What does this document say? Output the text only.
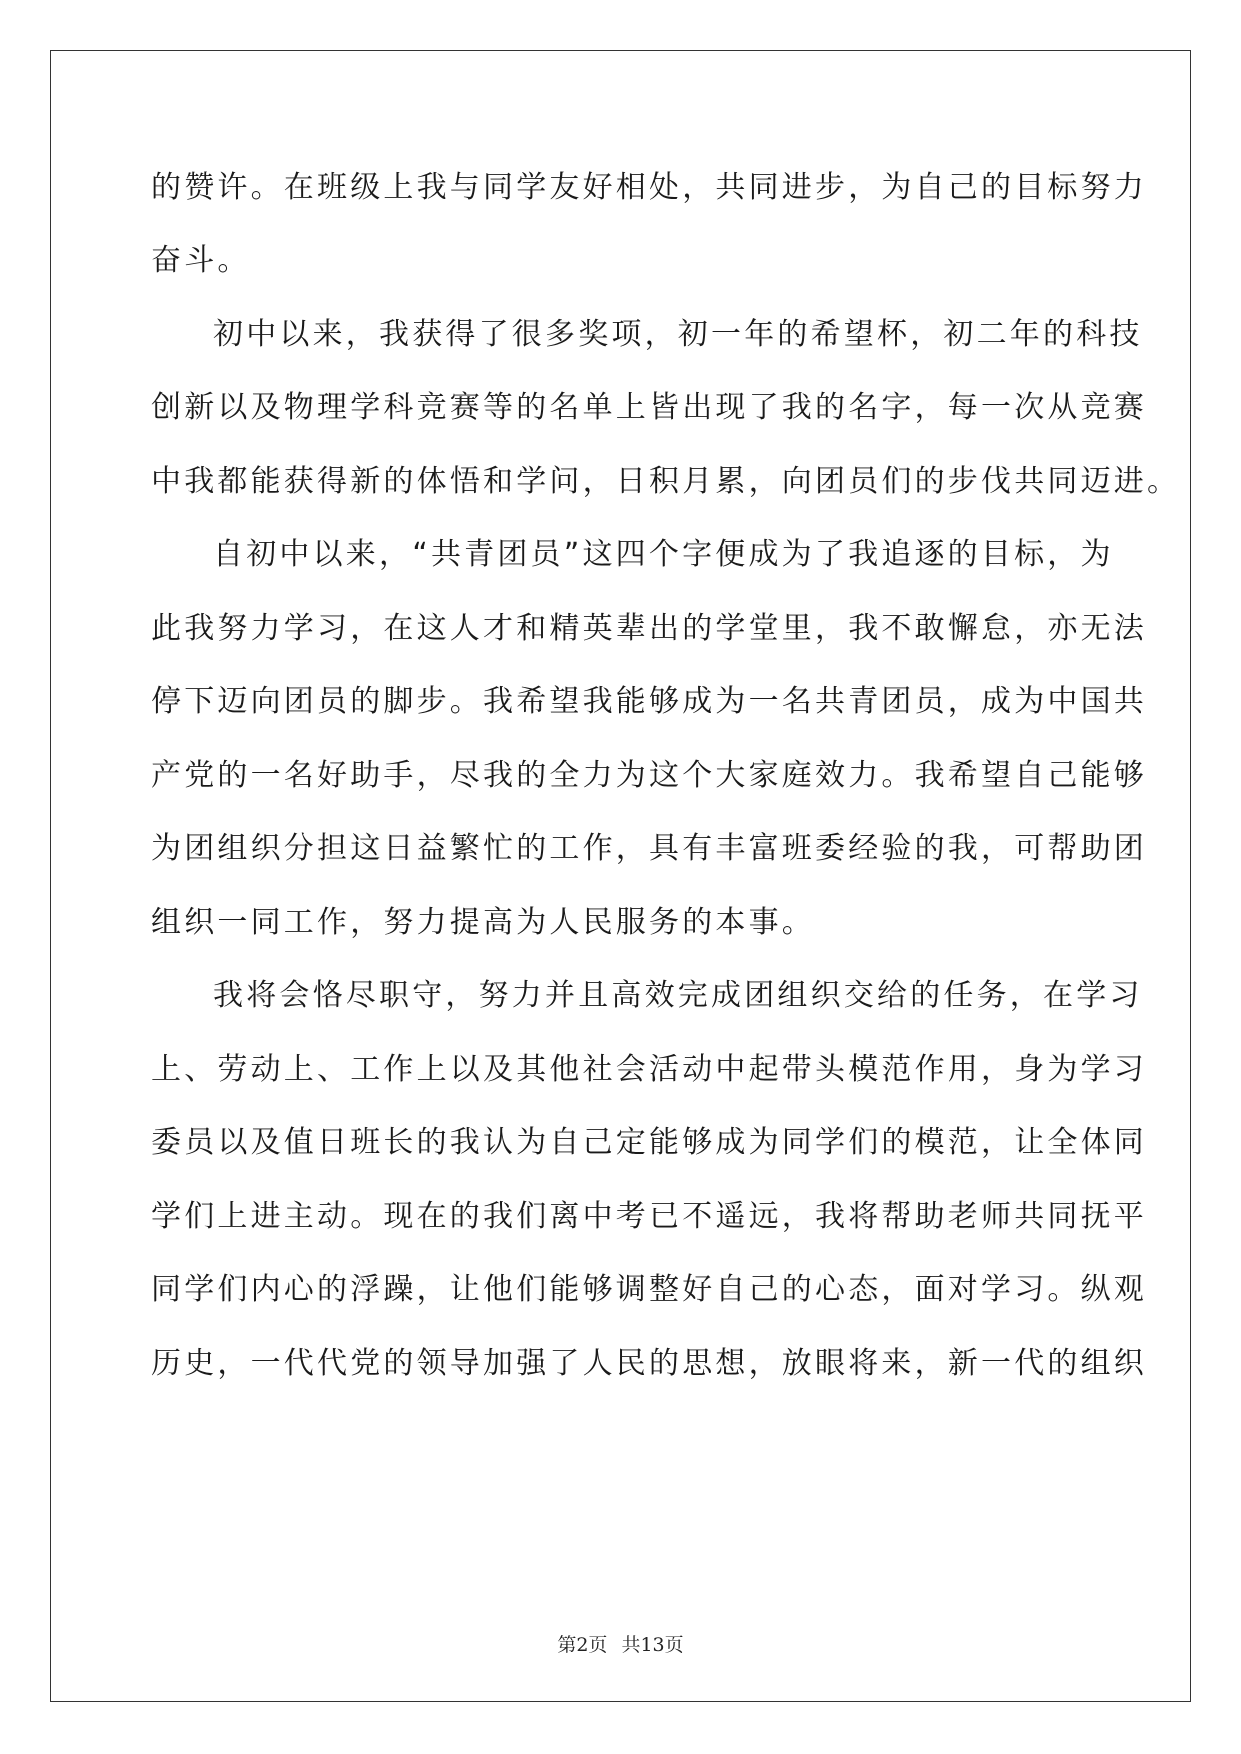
的赞许。在班级上我与同学友好相处，共同进步，为自己的目标努力
奋斗。
初中以来，我获得了很多奖项，初一年的希望杯，初二年的科技
创新以及物理学科竞赛等的名单上皆出现了我的名字，每一次从竞赛
中我都能获得新的体悟和学问，日积月累，向团员们的步伐共同迈进。
自初中以来，“共青团员”这四个字便成为了我追逐的目标，为
此我努力学习，在这人才和精英辈出的学堂里，我不敢懈怠，亦无法
停下迈向团员的脚步。我希望我能够成为一名共青团员，成为中国共
产党的一名好助手，尽我的全力为这个大家庭效力。我希望自己能够
为团组织分担这日益繁忙的工作，具有丰富班委经验的我，可帮助团
组织一同工作，努力提高为人民服务的本事。
我将会恪尽职守，努力并且高效完成团组织交给的任务，在学习
上、劳动上、工作上以及其他社会活动中起带头模范作用，身为学习
委员以及值日班长的我认为自己定能够成为同学们的模范，让全体同
学们上进主动。现在的我们离中考已不遥远，我将帮助老师共同抚平
同学们内心的浮躁，让他们能够调整好自己的心态，面对学习。纵观
历史，一代代党的领导加强了人民的思想，放眼将来，新一代的组织
第2页 共13页
